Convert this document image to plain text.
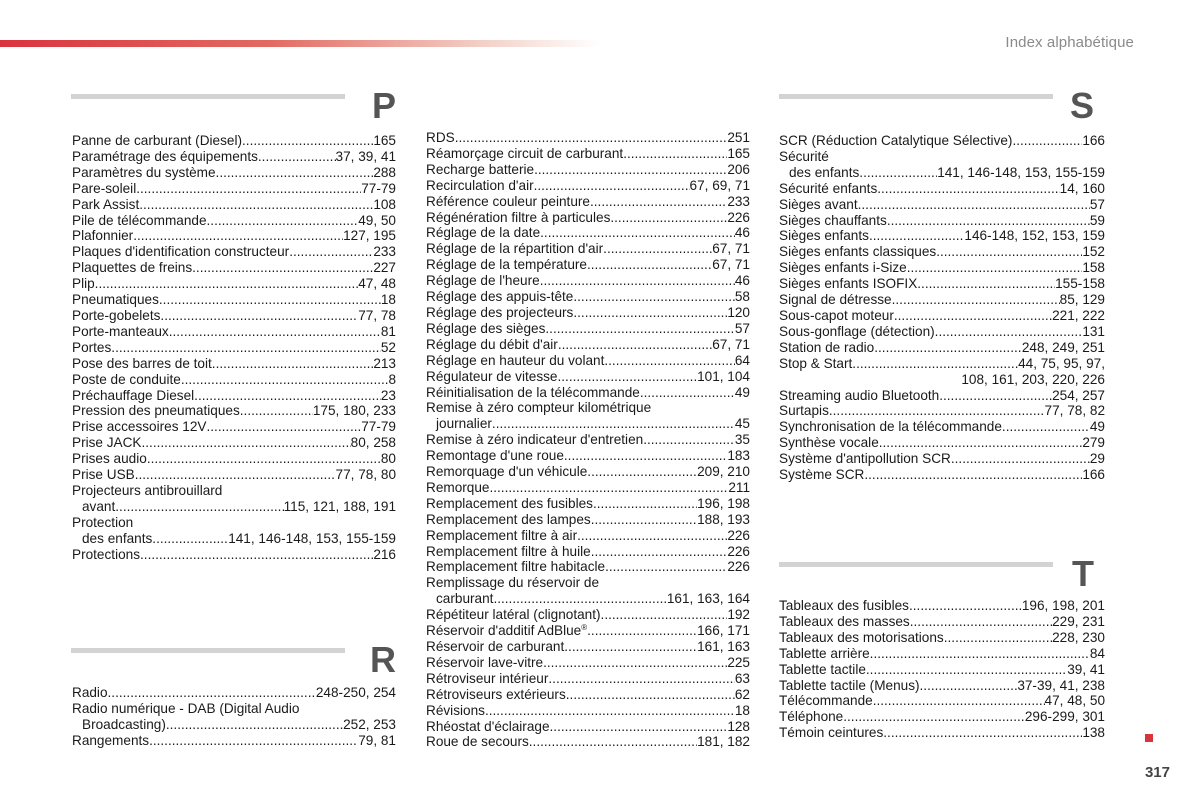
Index alphabétique
P
Panne de carburant (Diesel) .....	165
Paramétrage des équipements .....	37, 39, 41
Paramètres du système .....	288
Pare-soleil .....	77-79
Park Assist .....	108
Pile de télécommande .....	49, 50
Plafonnier .....	127, 195
Plaques d'identification constructeur .....	233
Plaquettes de freins .....	227
Plip .....	47, 48
Pneumatiques .....	18
Porte-gobelets .....	77, 78
Porte-manteaux .....	81
Portes .....	52
Pose des barres de toit .....	213
Poste de conduite .....	8
Préchauffage Diesel .....	23
Pression des pneumatiques .....	175, 180, 233
Prise accessoires 12V .....	77-79
Prise JACK .....	80, 258
Prises audio .....	80
Prise USB .....	77, 78, 80
Projecteurs antibrouillard
avant .....	115, 121, 188, 191
Protection
des enfants .....	141, 146-148, 153, 155-159
Protections .....	216
R
Radio .....	248-250, 254
Radio numérique - DAB (Digital Audio
Broadcasting) .....	252, 253
Rangements .....	79, 81
RDS .....	251
Réamorçage circuit de carburant .....	165
Recharge batterie .....	206
Recirculation d'air .....	67, 69, 71
Référence couleur peinture .....	233
Régénération filtre à particules .....	226
Réglage de la date .....	46
Réglage de la répartition d'air .....	67, 71
Réglage de la température .....	67, 71
Réglage de l'heure .....	46
Réglage des appuis-tête .....	58
Réglage des projecteurs .....	120
Réglage des sièges .....	57
Réglage du débit d'air .....	67, 71
Réglage en hauteur du volant .....	64
Régulateur de vitesse .....	101, 104
Réinitialisation de la télécommande .....	49
Remise à zéro compteur kilométrique
journalier .....	45
Remise à zéro indicateur d'entretien .....	35
Remontage d'une roue .....	183
Remorquage d'un véhicule .....	209, 210
Remorque .....	211
Remplacement des fusibles .....	196, 198
Remplacement des lampes .....	188, 193
Remplacement filtre à air .....	226
Remplacement filtre à huile .....	226
Remplacement filtre habitacle .....	226
Remplissage du réservoir de
carburant .....	161, 163, 164
Répétiteur latéral (clignotant) .....	192
Réservoir d'additif AdBlue® .....	166, 171
Réservoir de carburant .....	161, 163
Réservoir lave-vitre .....	225
Rétroviseur intérieur .....	63
Rétroviseurs extérieurs .....	62
Révisions .....	18
Rhéostat d'éclairage .....	128
Roue de secours .....	181, 182
S
SCR (Réduction Catalytique Sélective) .....	166
Sécurité
des enfants .....	141, 146-148, 153, 155-159
Sécurité enfants .....	14, 160
Sièges avant .....	57
Sièges chauffants .....	59
Sièges enfants .....	146-148, 152, 153, 159
Sièges enfants classiques .....	152
Sièges enfants i-Size .....	158
Sièges enfants ISOFIX .....	155-158
Signal de détresse .....	85, 129
Sous-capot moteur .....	221, 222
Sous-gonflage (détection) .....	131
Station de radio .....	248, 249, 251
Stop & Start .....	44, 75, 95, 97,
108, 161, 203, 220, 226
Streaming audio Bluetooth .....	254, 257
Surtapis .....	77, 78, 82
Synchronisation de la télécommande .....	49
Synthèse vocale .....	279
Système d'antipollution SCR .....	29
Système SCR .....	166
T
Tableaux des fusibles .....	196, 198, 201
Tableaux des masses .....	229, 231
Tableaux des motorisations .....	228, 230
Tablette arrière .....	84
Tablette tactile .....	39, 41
Tablette tactile (Menus) .....	37-39, 41, 238
Télécommande .....	47, 48, 50
Téléphone .....	296-299, 301
Témoin ceintures .....	138
317
